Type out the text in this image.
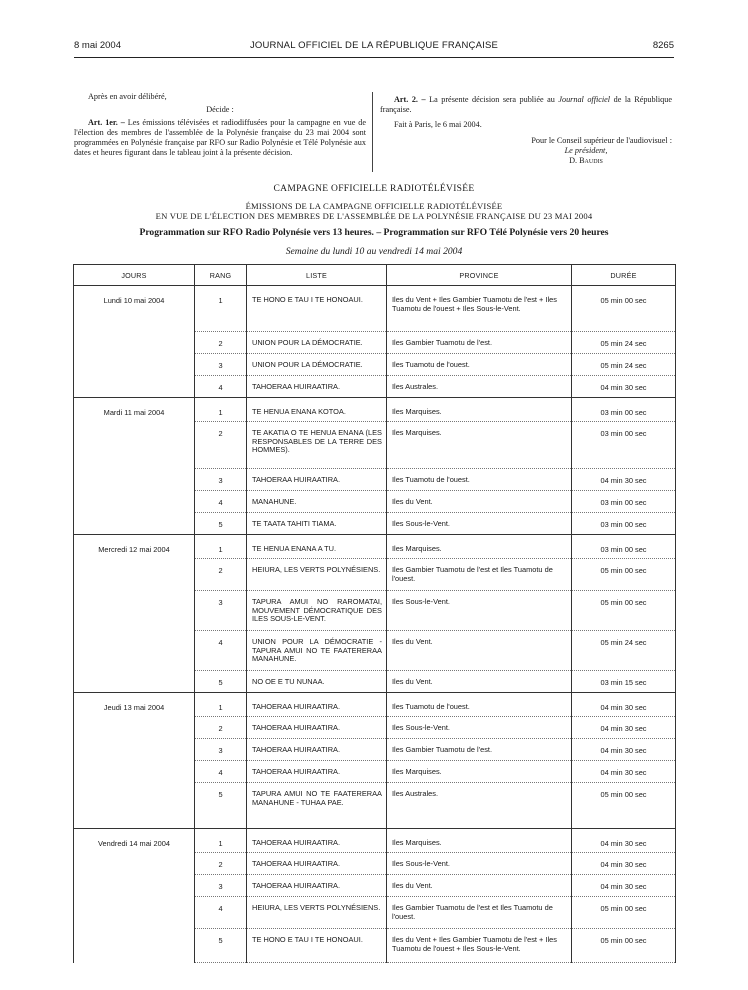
JOURNAL OFFICIEL DE LA RÉPUBLIQUE FRANÇAISE
8 mai 2004	8265

Après en avoir délibéré,

Décide :

Art. 1er. – Les émissions télévisées et radiodiffusées pour la campagne en vue de l'élection des membres de l'assemblée de la Polynésie française du 23 mai 2004 sont programmées en Polynésie française par RFO sur Radio Polynésie et Télé Polynésie aux dates et heures figurant dans le tableau joint à la présente décision.

Art. 2. – La présente décision sera publiée au Journal officiel de la République française.

Fait à Paris, le 6 mai 2004.

Pour le Conseil supérieur de l'audiovisuel :

Le président,

D. Baudis

CAMPAGNE OFFICIELLE RADIOTÉLÉVISÉE
ÉMISSIONS DE LA CAMPAGNE OFFICIELLE RADIOTÉLÉVISÉE
EN VUE DE L'ÉLECTION DES MEMBRES DE L'ASSEMBLÉE DE LA POLYNÉSIE FRANÇAISE DU 23 MAI 2004
Programmation sur RFO Radio Polynésie vers 13 heures. – Programmation sur RFO Télé Polynésie vers 20 heures
Semaine du lundi 10 au vendredi 14 mai 2004
JOURS	RANG	LISTE	PROVINCE	DURÉE
Lundi 10 mai 2004	1	TE HONO E TAU I TE HONOAUI.	Iles du Vent + Iles Gambier Tuamotu de l'est + Iles Tuamotu de l'ouest + Iles Sous-le-Vent.	05 min 00 sec
	2	UNION POUR LA DÉMOCRATIE.	Iles Gambier Tuamotu de l'est.	05 min 24 sec
	3	UNION POUR LA DÉMOCRATIE.	Iles Tuamotu de l'ouest.	05 min 24 sec
	4	TAHOERAA HUIRAATIRA.	Iles Australes.	04 min 30 sec
Mardi 11 mai 2004	1	TE HENUA ENANA KOTOA.	Iles Marquises.	03 min 00 sec
	2	TE AKATIA O TE HENUA ENANA (LES RESPONSABLES DE LA TERRE DES HOMMES).	Iles Marquises.	03 min 00 sec
	3	TAHOERAA HUIRAATIRA.	Iles Tuamotu de l'ouest.	04 min 30 sec
	4	MANAHUNE.	Iles du Vent.	03 min 00 sec
	5	TE TAATA TAHITI TIAMA.	Iles Sous-le-Vent.	03 min 00 sec
Mercredi 12 mai 2004	1	TE HENUA ENANA A TU.	Iles Marquises.	03 min 00 sec
	2	HEIURA, LES VERTS POLYNÉSIENS.	Iles Gambier Tuamotu de l'est et Iles Tuamotu de l'ouest.	05 min 00 sec
	3	TAPURA AMUI NO RAROMATAI, MOUVEMENT DÉMOCRATIQUE DES ILES SOUS-LE-VENT.	Iles Sous-le-Vent.	05 min 00 sec
	4	UNION POUR LA DÉMOCRATIE - TAPURA AMUI NO TE FAATERERAA MANAHUNE.	Iles du Vent.	05 min 24 sec
	5	NO OE E TU NUNAA.	Iles du Vent.	03 min 15 sec
Jeudi 13 mai 2004	1	TAHOERAA HUIRAATIRA.	Iles Tuamotu de l'ouest.	04 min 30 sec
	2	TAHOERAA HUIRAATIRA.	Iles Sous-le-Vent.	04 min 30 sec
	3	TAHOERAA HUIRAATIRA.	Iles Gambier Tuamotu de l'est.	04 min 30 sec
	4	TAHOERAA HUIRAATIRA.	Iles Marquises.	04 min 30 sec
	5	TAPURA AMUI NO TE FAATERERAA MANAHUNE - TUHAA PAE.	Iles Australes.	05 min 00 sec
Vendredi 14 mai 2004	1	TAHOERAA HUIRAATIRA.	Iles Marquises.	04 min 30 sec
	2	TAHOERAA HUIRAATIRA.	Iles Sous-le-Vent.	04 min 30 sec
	3	TAHOERAA HUIRAATIRA.	Iles du Vent.	04 min 30 sec
	4	HEIURA, LES VERTS POLYNÉSIENS.	Iles Gambier Tuamotu de l'est et Iles Tuamotu de l'ouest.	05 min 00 sec
	5	TE HONO E TAU I TE HONOAUI.	Iles du Vent + Iles Gambier Tuamotu de l'est + Iles Tuamotu de l'ouest + Iles Sous-le-Vent.	05 min 00 sec
